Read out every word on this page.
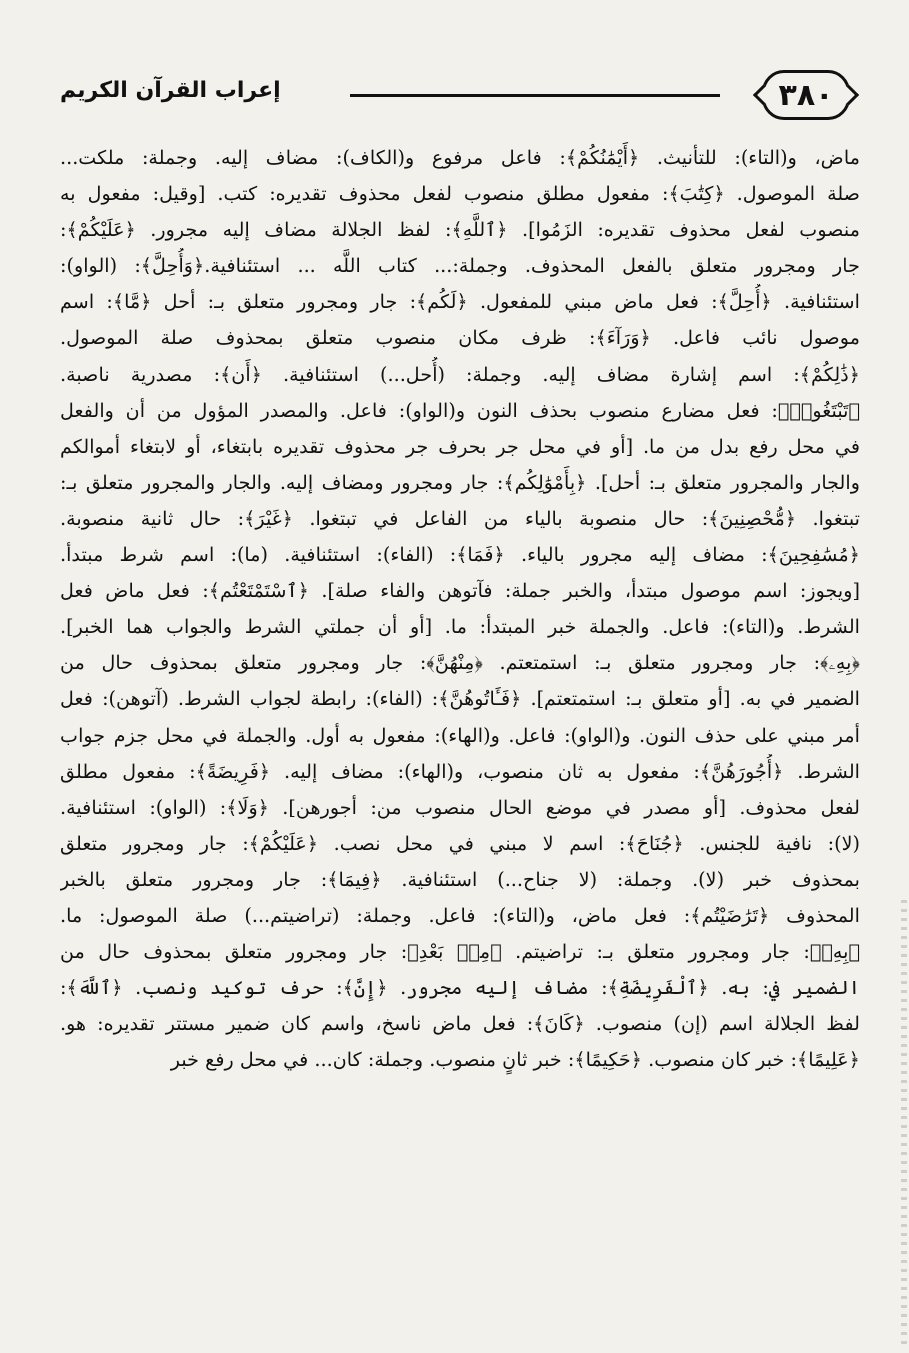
٣٨٠
إعراب القرآن الكريم
ماض، و(التاء): للتأنيث. ﴿أَيْمَٰنُكُمْ﴾: فاعل مرفوع و(الكاف): مضاف إليه. وجملة: ملكت...
صلة الموصول. ﴿كِتَٰبَ﴾: مفعول مطلق منصوب لفعل محذوف تقديره: كتب. [وقيل: مفعول به
منصوب لفعل محذوف تقديره: الزَمُوا]. ﴿ٱللَّهِ﴾: لفظ الجلالة مضاف إليه مجرور. ﴿عَلَيْكُمْ﴾:
جار ومجرور متعلق بالفعل المحذوف. وجملة:... كتاب اللَّه ... استئنافية.﴿وَأُحِلَّ﴾: (الواو):
استئنافية. ﴿أُحِلَّ﴾: فعل ماض مبني للمفعول. ﴿لَكُم﴾: جار ومجرور متعلق بـ: أحل ﴿مَّا﴾: اسم
موصول نائب فاعل. ﴿وَرَآءَ﴾: ظرف مكان منصوب متعلق بمحذوف صلة الموصول.
﴿ذَٰلِكُمْ﴾: اسم إشارة مضاف إليه. وجملة: (أُحل...) استئنافية. ﴿أَن﴾: مصدرية ناصبة.
﴿تَبْتَغُوا۟﴾: فعل مضارع منصوب بحذف النون و(الواو): فاعل. والمصدر المؤول من أن والفعل
في محل رفع بدل من ما. [أو في محل جر بحرف جر محذوف تقديره بابتغاء، أو لابتغاء أموالكم
والجار والمجرور متعلق بـ: أحل]. ﴿بِأَمْوَٰلِكُم﴾: جار ومجرور ومضاف إليه. والجار والمجرور متعلق بـ:
تبتغوا. ﴿مُّحْصِنِينَ﴾: حال منصوبة بالياء من الفاعل في تبتغوا. ﴿غَيْرَ﴾: حال ثانية منصوبة.
﴿مُسَٰفِحِينَ﴾: مضاف إليه مجرور بالياء. ﴿فَمَا﴾: (الفاء): استئنافية. (ما): اسم شرط مبتدأ.
[ويجوز: اسم موصول مبتدأ، والخبر جملة: فآتوهن والفاء صلة]. ﴿ٱسْتَمْتَعْتُم﴾: فعل ماض فعل
الشرط. و(التاء): فاعل. والجملة خبر المبتدأ: ما. [أو أن جملتي الشرط والجواب هما الخبر].
﴿بِهِۦ﴾: جار ومجرور متعلق بـ: استمتعتم. ﴿مِنْهُنَّ﴾: جار ومجرور متعلق بمحذوف حال من
الضمير في به. [أو متعلق بـ: استمتعتم]. ﴿فَـَٔاتُوهُنَّ﴾: (الفاء): رابطة لجواب الشرط. (آتوهن): فعل
أمر مبني على حذف النون. و(الواو): فاعل. و(الهاء): مفعول به أول. والجملة في محل جزم جواب
الشرط. ﴿أُجُورَهُنَّ﴾: مفعول به ثان منصوب، و(الهاء): مضاف إليه. ﴿فَرِيضَةً﴾: مفعول مطلق
لفعل محذوف. [أو مصدر في موضع الحال منصوب من: أجورهن]. ﴿وَلَا﴾: (الواو): استئنافية.
(لا): نافية للجنس. ﴿جُنَاحَ﴾: اسم لا مبني في محل نصب. ﴿عَلَيْكُمْ﴾: جار ومجرور متعلق
بمحذوف خبر (لا). وجملة: (لا جناح...) استئنافية. ﴿فِيمَا﴾: جار ومجرور متعلق بالخبر
المحذوف ﴿تَرَٰضَيْتُم﴾: فعل ماض، و(التاء): فاعل. وجملة: (تراضيتم...) صلة الموصول: ما.
﴿بِهِۦ﴾: جار ومجرور متعلق بـ: تراضيتم. ﴿مِنۢ بَعْدِ﴾: جار ومجرور متعلق بمحذوف حال من
الضمير في: به. ﴿ٱلْفَرِيضَةِ﴾: مضاف إليه مجرور. ﴿إِنَّ﴾: حرف توكيد ونصب. ﴿ٱللَّهَ﴾:
لفظ الجلالة اسم (إن) منصوب. ﴿كَانَ﴾: فعل ماض ناسخ، واسم كان ضمير مستتر تقديره: هو.
﴿عَلِيمًا﴾: خبر كان منصوب. ﴿حَكِيمًا﴾: خبر ثانٍ منصوب. وجملة: كان... في محل رفع خبر
